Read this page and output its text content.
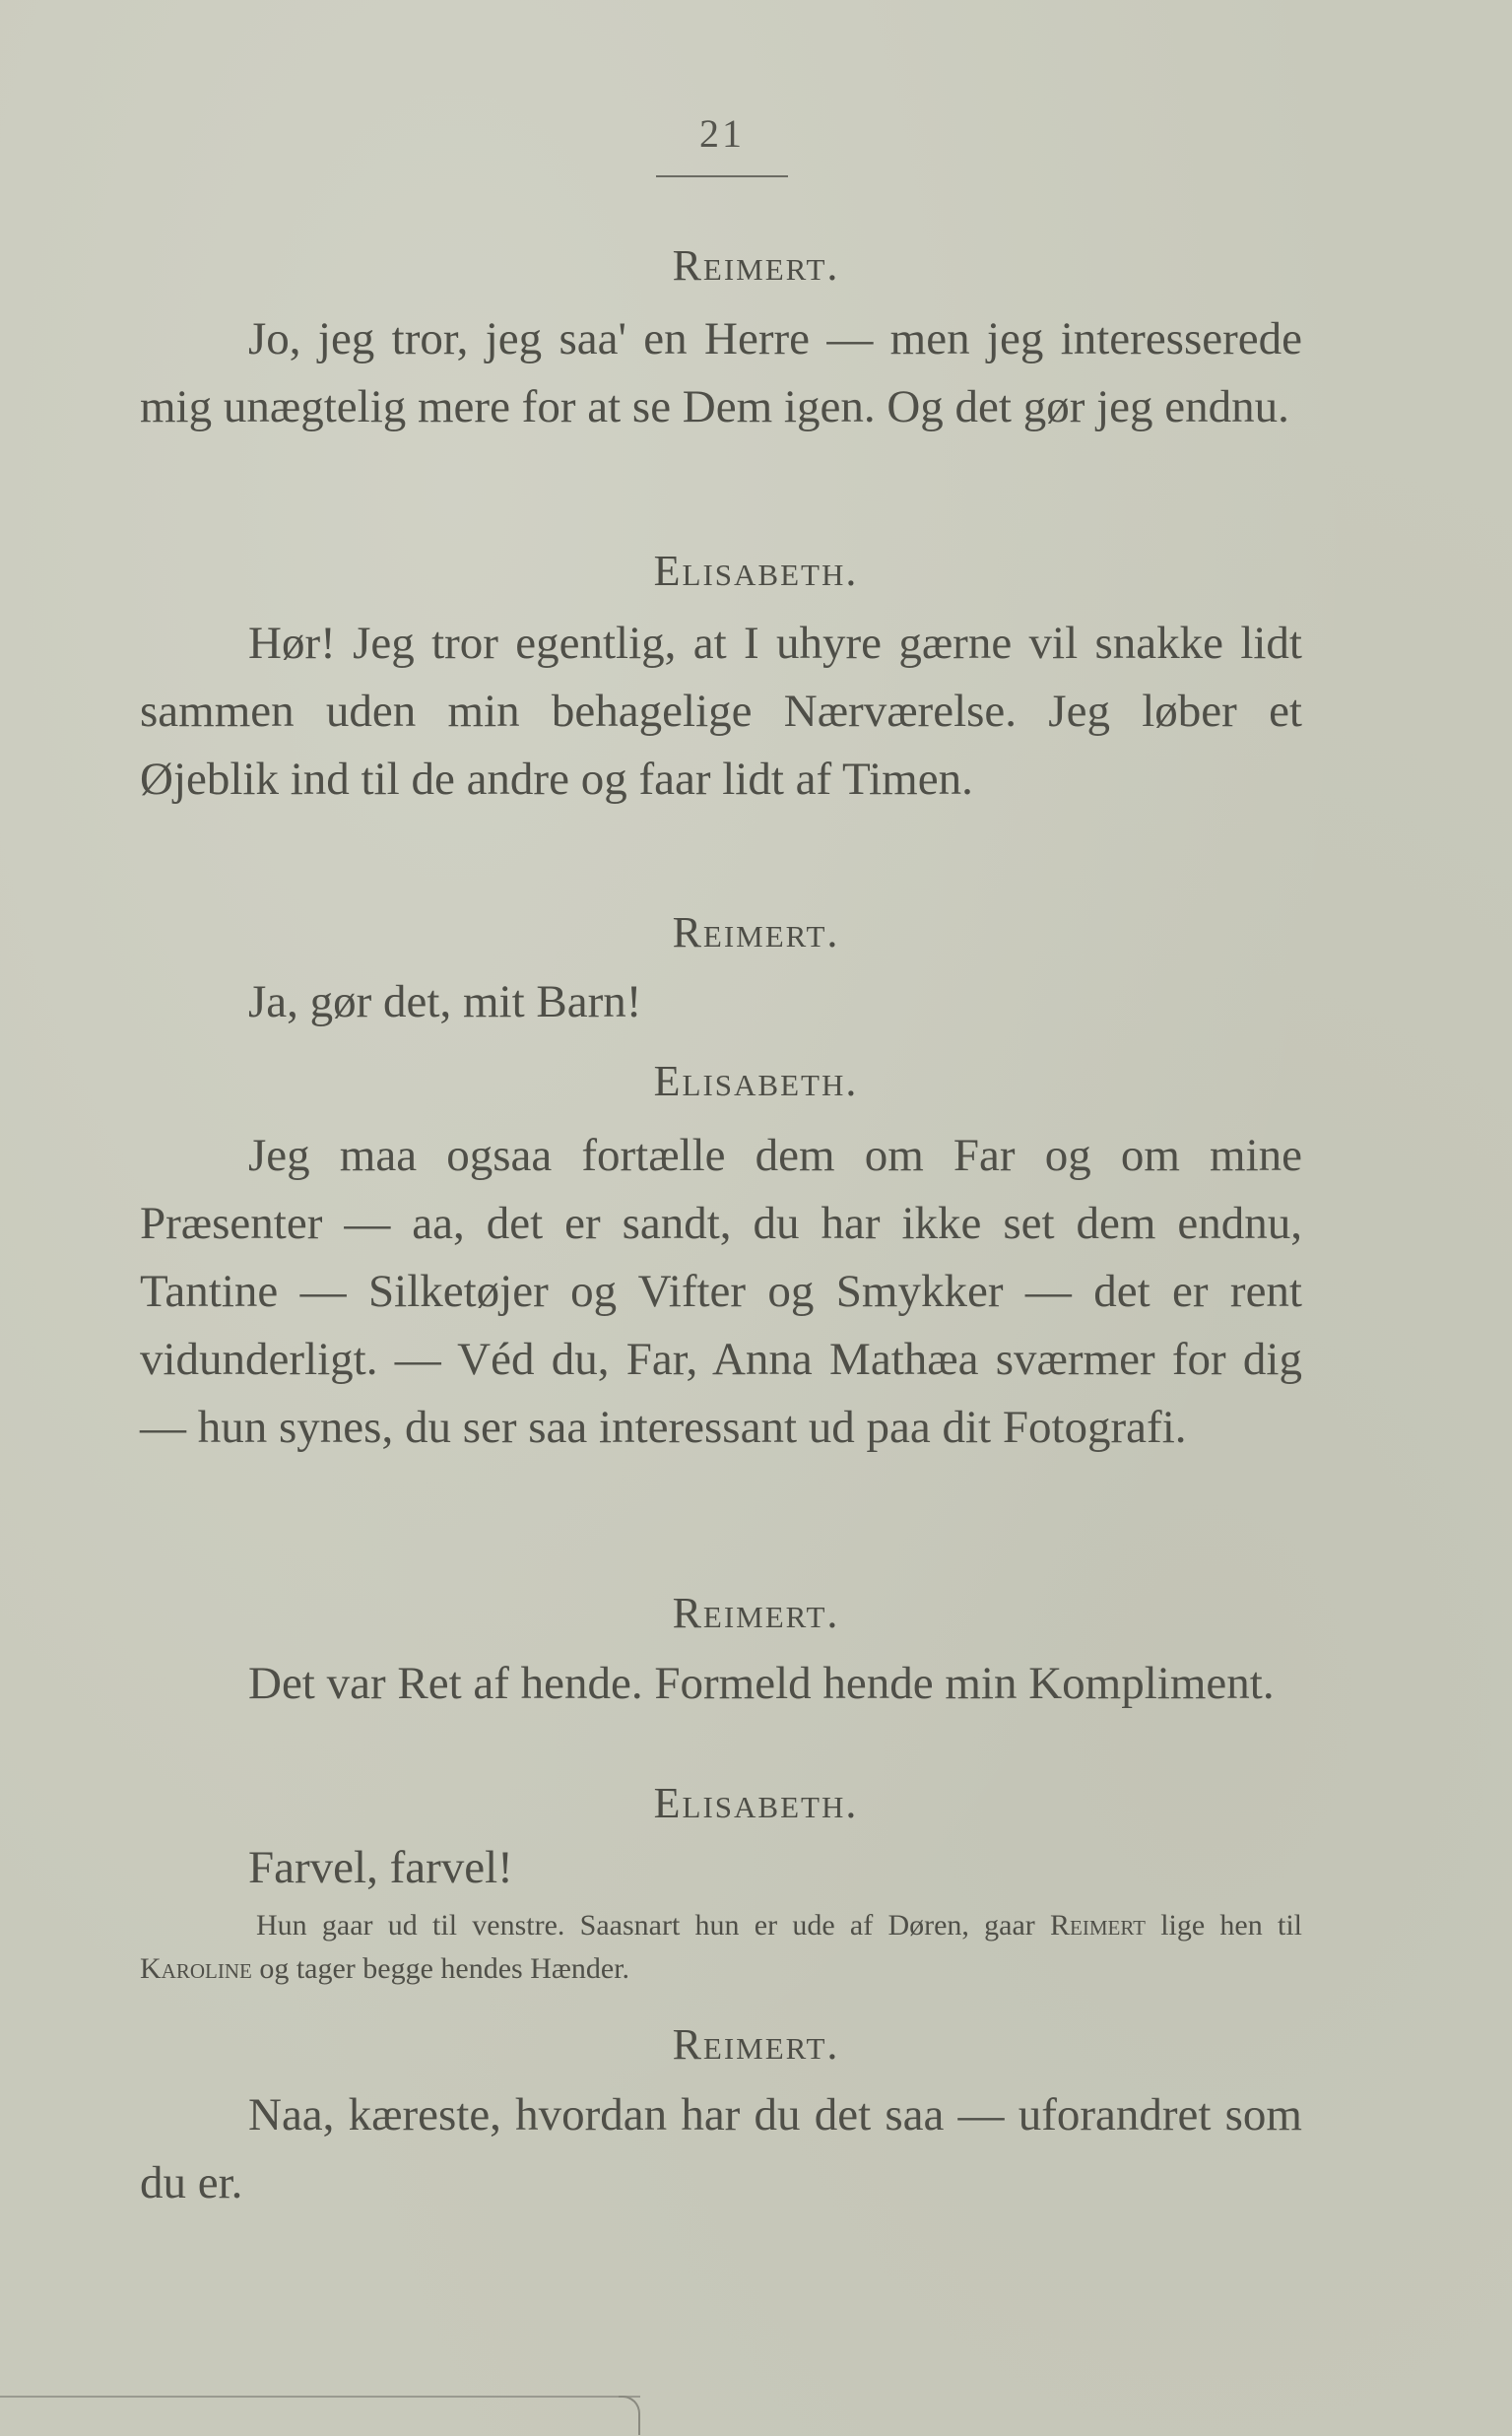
21
Reimert.
Jo, jeg tror, jeg saa' en Herre — men jeg interesserede mig unægtelig mere for at se Dem igen. Og det gør jeg endnu.
Elisabeth.
Hør! Jeg tror egentlig, at I uhyre gærne vil snakke lidt sammen uden min behagelige Nærværelse. Jeg løber et Øjeblik ind til de andre og faar lidt af Timen.
Reimert.
Ja, gør det, mit Barn!
Elisabeth.
Jeg maa ogsaa fortælle dem om Far og om mine Præsenter — aa, det er sandt, du har ikke set dem endnu, Tantine — Silketøjer og Vifter og Smykker — det er rent vidunderligt. — Véd du, Far, Anna Mathæa sværmer for dig — hun synes, du ser saa interessant ud paa dit Fotografi.
Reimert.
Det var Ret af hende. Formeld hende min Kompliment.
Elisabeth.
Farvel, farvel!
Hun gaar ud til venstre. Saasnart hun er ude af Døren, gaar Reimert lige hen til Karoline og tager begge hendes Hænder.
Reimert.
Naa, kæreste, hvordan har du det saa — uforandret som du er.
